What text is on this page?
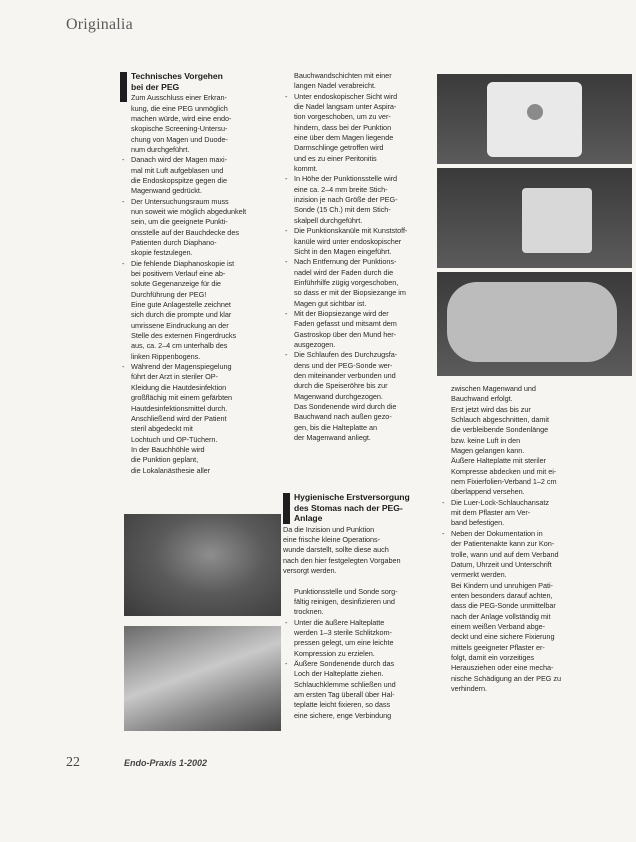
Originalia
Technisches Vorgehen
bei der PEG
- Zum Ausschluss einer Erkran-
kung, die eine PEG unmöglich
machen würde, wird eine endo-
skopische Screening-Untersu-
chung von Magen und Duode-
num durchgeführt.
- Danach wird der Magen maxi-
mal mit Luft aufgeblasen und
die Endoskopspitze gegen die
Magenwand gedrückt.
- Der Untersuchungsraum muss
nun soweit wie möglich abgedunkelt
sein, um die geeignete Punkti-
onsstelle auf der Bauchdecke des
Patienten durch Diaphano-
skopie festzulegen.
- Die fehlende Diaphanoskopie ist
bei positivem Verlauf eine ab-
solute Gegenanzeige für die
Durchführung der PEG!
Eine gute Anlagestelle zeichnet
sich durch die prompte und klar
umrissene Eindruckung an der
Stelle des externen Fingerdrucks
aus, ca. 2–4 cm unterhalb des
linken Rippenbogens.
- Während der Magenspiegelung
führt der Arzt in steriler OP-
Kleidung die Hautdesinfektion
großflächig mit einem gefärbten
Hautdesinfektionsmittel durch.
Anschließend wird der Patient
steril abgedeckt mit
Lochtuch und OP-Tüchern.
In der Bauchhöhle wird
die Punktion geplant,
die Lokalanästhesie aller
Bauchwandschichten mit einer
langen Nadel verabreicht.
- Unter endoskopischer Sicht wird
die Nadel langsam unter Aspira-
tion vorgeschoben, um zu ver-
hindern, dass bei der Punktion
eine über dem Magen liegende
Darmschlinge getroffen wird
und es zu einer Peritonitis
kommt.
- In Höhe der Punktionsstelle wird
eine ca. 2–4 mm breite Stich-
inzision je nach Größe der PEG-
Sonde (15 Ch.) mit dem Stich-
skalpell durchgeführt.
- Die Punktionskanüle mit Kunststoff-
kanüle wird unter endoskopischer
Sicht in den Magen eingeführt.
- Nach Entfernung der Punktions-
nadel wird der Faden durch die
Einführhilfe zügig vorgeschoben,
so dass er mit der Biopsiezange im
Magen gut sichtbar ist.
- Mit der Biopsiezange wird der
Faden gefasst und mitsamt dem
Gastroskop über den Mund her-
ausgezogen.
- Die Schlaufen des Durchzugsfa-
dens und der PEG-Sonde wer-
den miteinander verbunden und
durch die Speiseröhre bis zur
Magenwand durchgezogen.
Das Sondenende wird durch die
Bauchwand nach außen gezo-
gen, bis die Halteplatte an
der Magenwand anliegt.
Hygienische Erstversorgung
des Stomas nach der PEG-
Anlage
Da die Inzision und Punktion
eine frische kleine Operations-
wunde darstellt, sollte diese auch
nach den hier festgelegten Vorgaben
versorgt werden.
Punktionsstelle und Sonde sorg-
fältig reinigen, desinfizieren und
trocknen.
- Unter die äußere Halteplatte
werden 1–3 sterile Schlitzkom-
pressen gelegt, um eine leichte
Kompression zu erzielen.
- Äußere Sondenende durch das
Loch der Halteplatte ziehen.
Schlauchklemme schließen und
am ersten Tag überall über Hal-
teplatte leicht fixieren, so dass
eine sichere, enge Verbindung
zwischen Magenwand und
Bauchwand erfolgt.
Erst jetzt wird das bis zur
Schlauch abgeschnitten, damit
die verbleibende Sondenlänge
bzw. keine Luft in den
Magen gelangen kann.
Äußere Halteplatte mit steriler
Kompresse abdecken und mit ei-
nem Fixierfolien-Verband 1–2 cm
überlappend versehen.
- Die Luer-Lock-Schlauchansatz
mit dem Pflaster am Ver-
band befestigen.
- Neben der Dokumentation in
der Patientenakte kann zur Kon-
trolle, wann und auf dem Verband
Datum, Uhrzeit und Unterschrift
vermerkt werden.
Bei Kindern und unruhigen Pati-
enten besonders darauf achten,
dass die PEG-Sonde unmittelbar
nach der Anlage vollständig mit
einem weißen Verband abge-
deckt und eine sichere Fixierung
mittels geeigneter Pflaster er-
folgt, damit ein vorzeitiges
Herausziehen oder eine mecha-
nische Schädigung an der PEG zu
verhindern.
22	Endo-Praxis 1-2002
